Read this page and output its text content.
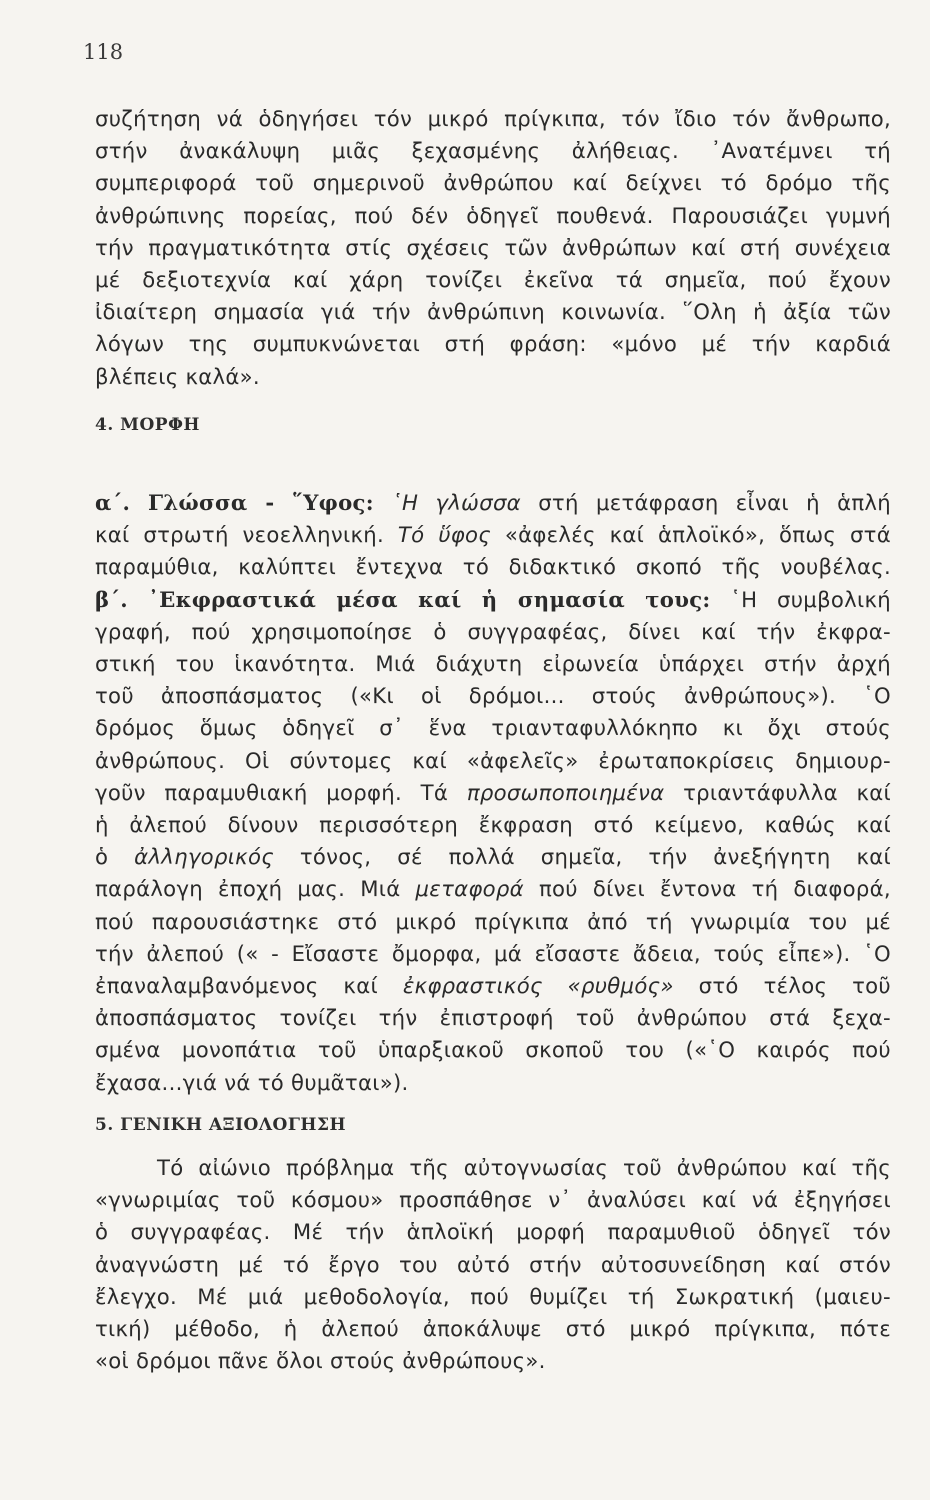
118
συζήτηση νά ὁδηγήσει τόν μικρό πρίγκιπα, τόν ἴδιο τόν ἄνθρωπο,
στήν ἀνακάλυψη μιᾶς ξεχασμένης ἀλήθειας. ᾿Ανατέμνει τή
συμπεριφορά τοῦ σημερινοῦ ἀνθρώπου καί δείχνει τό δρόμο τῆς
ἀνθρώπινης πορείας, πού δέν ὁδηγεῖ πουθενά. Παρουσιάζει γυμνή
τήν πραγματικότητα στίς σχέσεις τῶν ἀνθρώπων καί στή συνέχεια
μέ δεξιοτεχνία καί χάρη τονίζει ἐκεῖνα τά σημεῖα, πού ἔχουν
ἰδιαίτερη σημασία γιά τήν ἀνθρώπινη κοινωνία. ῞Ολη ἡ ἀξία τῶν
λόγων της συμπυκνώνεται στή φράση: «μόνο μέ τήν καρδιά
βλέπεις καλά».
4. ΜΟΡΦΗ
α΄. Γλώσσα - ῞Υφος: ῾Η γλώσσα στή μετάφραση εἶναι ἡ ἁπλή
καί στρωτή νεοελληνική. Τό ὕφος «ἀφελές καί ἁπλοϊκό», ὅπως στά
παραμύθια, καλύπτει ἔντεχνα τό διδακτικό σκοπό τῆς νουβέλας.
β΄. ᾿Εκφραστικά μέσα καί ἡ σημασία τους: ῾Η συμβολική
γραφή, πού χρησιμοποίησε ὁ συγγραφέας, δίνει καί τήν ἐκφρα-
στική του ἱκανότητα. Μιά διάχυτη εἰρωνεία ὑπάρχει στήν ἀρχή
τοῦ ἀποσπάσματος («Κι οἱ δρόμοι... στούς ἀνθρώπους»). ῾Ο
δρόμος ὅμως ὁδηγεῖ σ᾿ ἕνα τριανταφυλλόκηπο κι ὄχι στούς
ἀνθρώπους. Οἱ σύντομες καί «ἀφελεῖς» ἐρωταποκρίσεις δημιουρ-
γοῦν παραμυθιακή μορφή. Τά προσωποποιημένα τριαντάφυλλα καί
ἡ ἀλεπού δίνουν περισσότερη ἔκφραση στό κείμενο, καθώς καί
ὁ ἀλληγορικός τόνος, σέ πολλά σημεῖα, τήν ἀνεξήγητη καί
παράλογη ἐποχή μας. Μιά μεταφορά πού δίνει ἔντονα τή διαφορά,
πού παρουσιάστηκε στό μικρό πρίγκιπα ἀπό τή γνωριμία του μέ
τήν ἀλεπού (« - Εἴσαστε ὄμορφα, μά εἴσαστε ἄδεια, τούς εἶπε»). ῾Ο
ἐπαναλαμβανόμενος καί ἐκφραστικός «ρυθμός» στό τέλος τοῦ
ἀποσπάσματος τονίζει τήν ἐπιστροφή τοῦ ἀνθρώπου στά ξεχα-
σμένα μονοπάτια τοῦ ὑπαρξιακοῦ σκοποῦ του («῾Ο καιρός πού
ἔχασα...γιά νά τό θυμᾶται»).
5. ΓΕΝΙΚΗ ΑΞΙΟΛΟΓΗΣΗ
Τό αἰώνιο πρόβλημα τῆς αὐτογνωσίας τοῦ ἀνθρώπου καί τῆς
«γνωριμίας τοῦ κόσμου» προσπάθησε ν᾿ ἀναλύσει καί νά ἐξηγήσει
ὁ συγγραφέας. Μέ τήν ἁπλοϊκή μορφή παραμυθιοῦ ὁδηγεῖ τόν
ἀναγνώστη μέ τό ἔργο του αὐτό στήν αὐτοσυνείδηση καί στόν
ἔλεγχο. Μέ μιά μεθοδολογία, πού θυμίζει τή Σωκρατική (μαιευ-
τική) μέθοδο, ἡ ἀλεπού ἀποκάλυψε στό μικρό πρίγκιπα, πότε
«οἱ δρόμοι πᾶνε ὅλοι στούς ἀνθρώπους».
